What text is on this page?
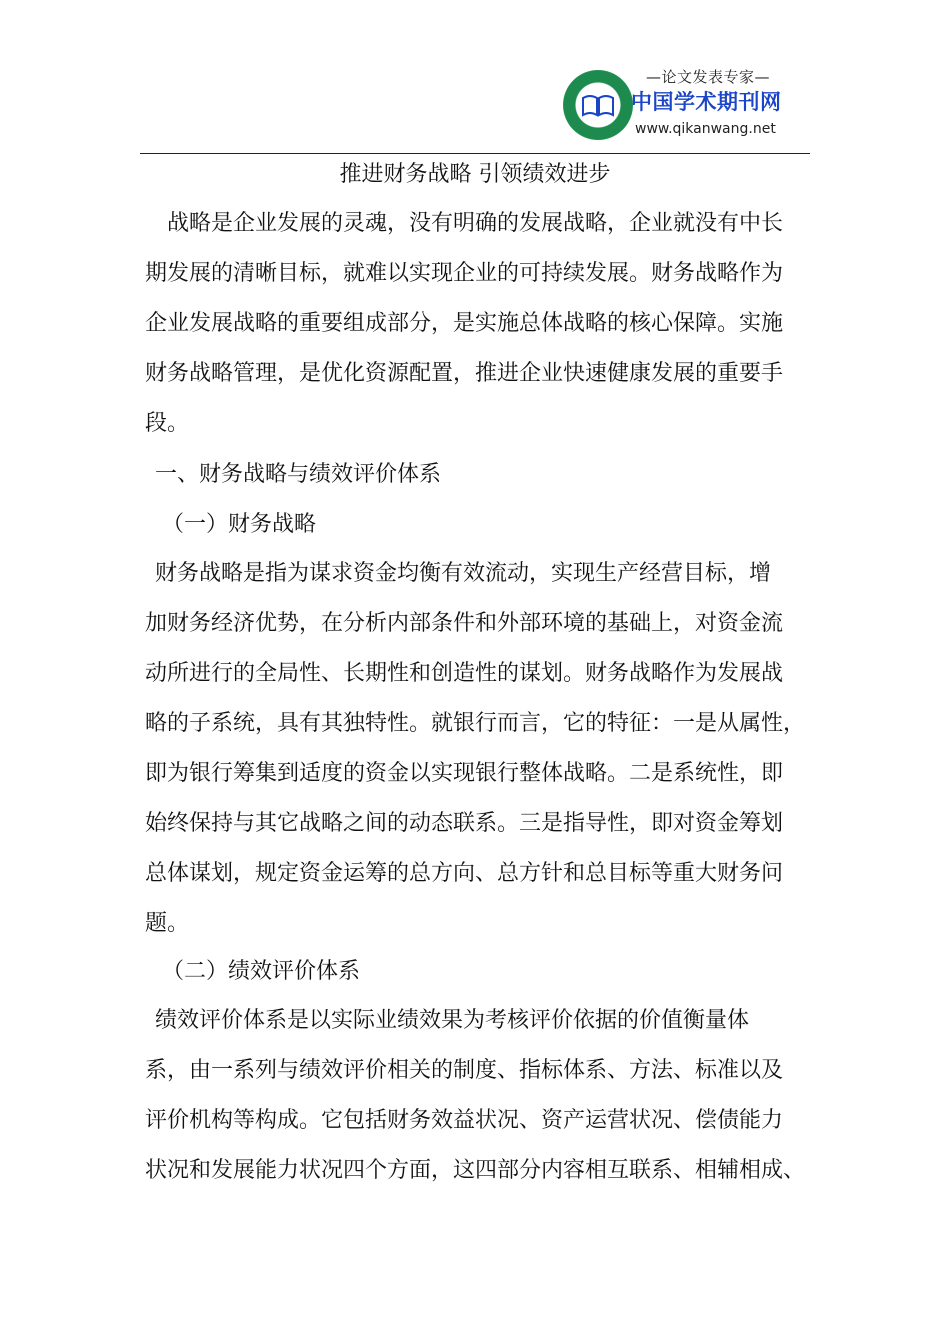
—论文发表专家—
中国学术期刊网
www.qikanwang.net
推进财务战略 引领绩效进步
战略是企业发展的灵魂，没有明确的发展战略，企业就没有中长
期发展的清晰目标，就难以实现企业的可持续发展。财务战略作为
企业发展战略的重要组成部分，是实施总体战略的核心保障。实施
财务战略管理，是优化资源配置，推进企业快速健康发展的重要手
段。
一、财务战略与绩效评价体系
（一）财务战略
财务战略是指为谋求资金均衡有效流动，实现生产经营目标，增
加财务经济优势，在分析内部条件和外部环境的基础上，对资金流
动所进行的全局性、长期性和创造性的谋划。财务战略作为发展战
略的子系统，具有其独特性。就银行而言，它的特征：一是从属性，
即为银行筹集到适度的资金以实现银行整体战略。二是系统性，即
始终保持与其它战略之间的动态联系。三是指导性，即对资金筹划
总体谋划，规定资金运筹的总方向、总方针和总目标等重大财务问
题。
（二）绩效评价体系
绩效评价体系是以实际业绩效果为考核评价依据的价值衡量体
系，由一系列与绩效评价相关的制度、指标体系、方法、标准以及
评价机构等构成。它包括财务效益状况、资产运营状况、偿债能力
状况和发展能力状况四个方面，这四部分内容相互联系、相辅相成、
